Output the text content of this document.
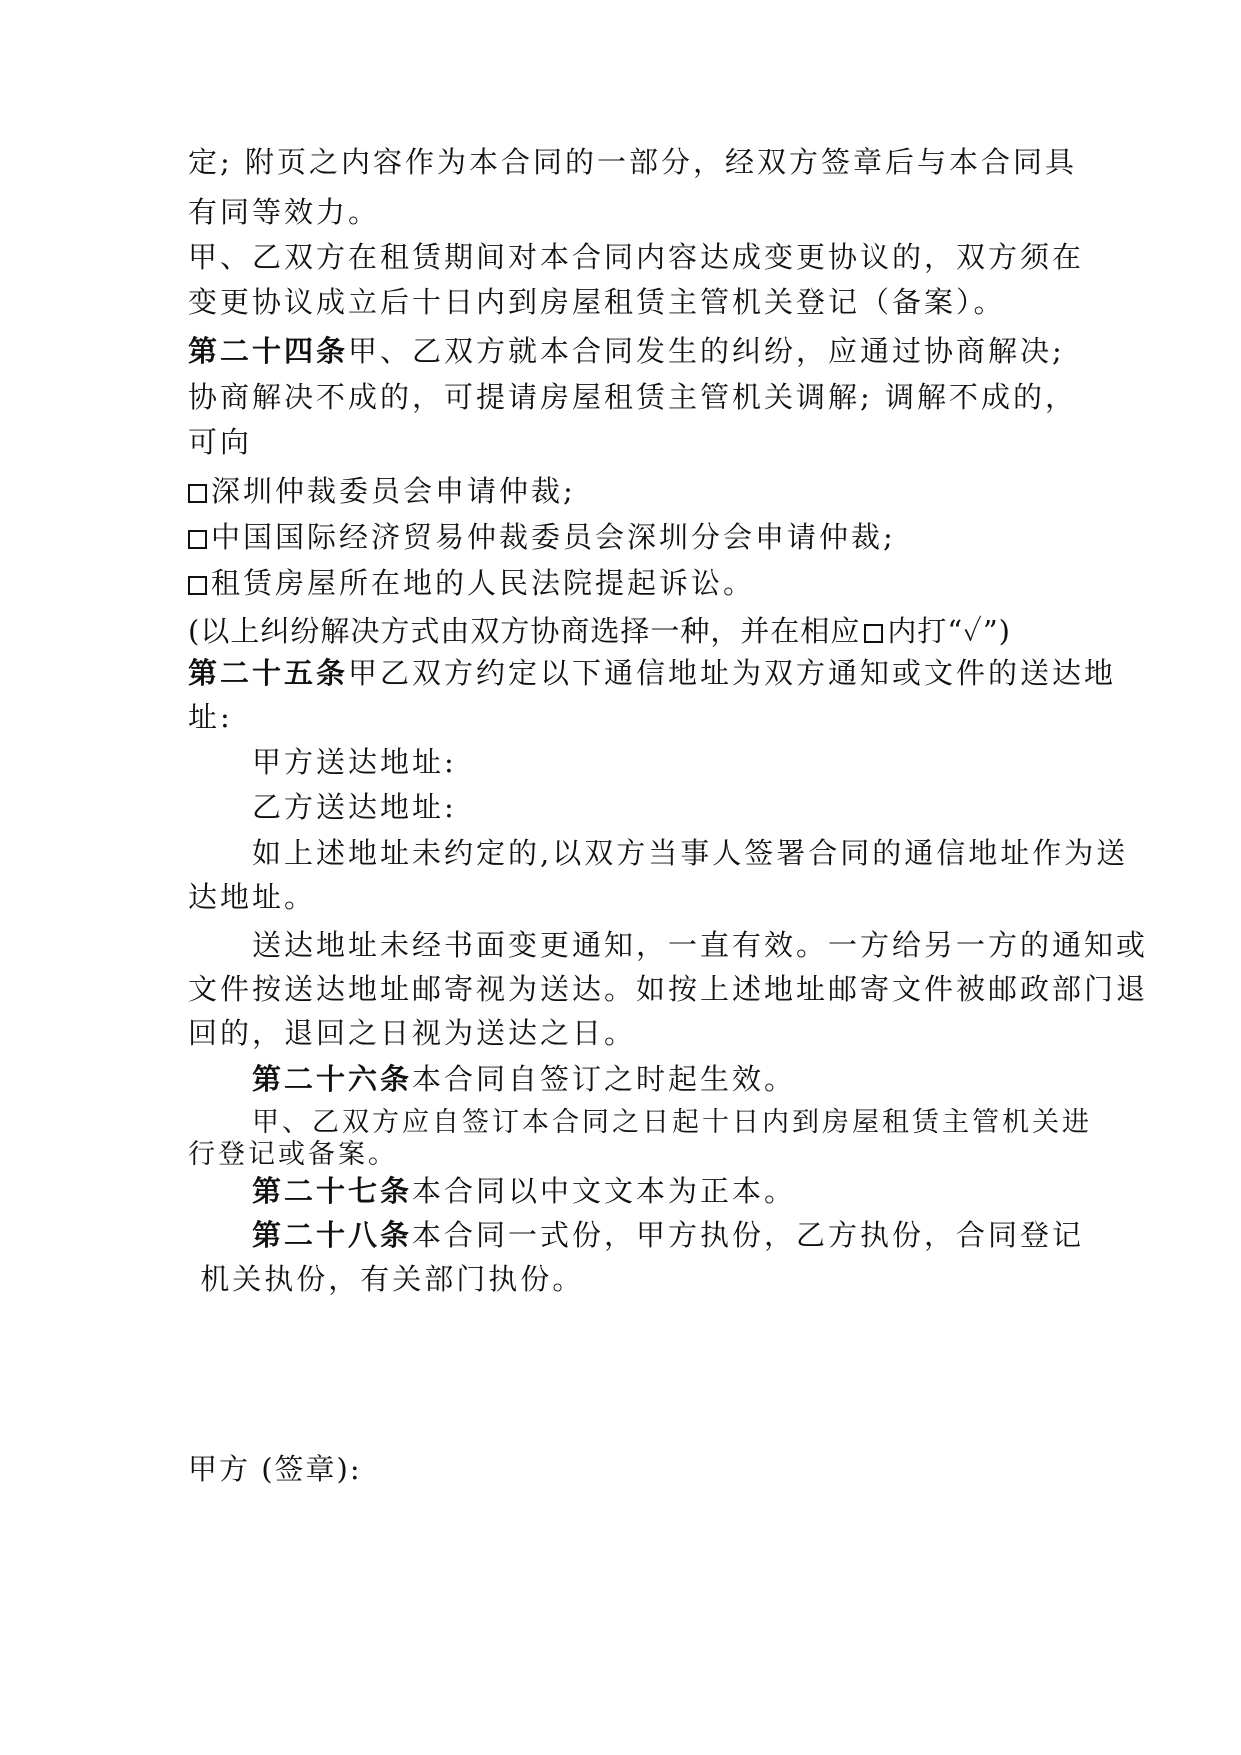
定; 附页之内容作为本合同的一部分，经双方签章后与本合同具
有同等效力。
甲、乙双方在租赁期间对本合同内容达成变更协议的，双方须在
变更协议成立后十日内到房屋租赁主管机关登记（备案）。
第二十四条甲、乙双方就本合同发生的纠纷，应通过协商解决;
协商解决不成的，可提请房屋租赁主管机关调解; 调解不成的，
可向
深圳仲裁委员会申请仲裁;
中国国际经济贸易仲裁委员会深圳分会申请仲裁;
租赁房屋所在地的人民法院提起诉讼。
(以上纠纷解决方式由双方协商选择一种，并在相应 内打“✓”)
第二十五条甲乙双方约定以下通信地址为双方通知或文件的送达地
址:
甲方送达地址:
乙方送达地址:
如上述地址未约定的,以双方当事人签署合同的通信地址作为送
达地址。
送达地址未经书面变更通知，一直有效。一方给另一方的通知或
文件按送达地址邮寄视为送达。如按上述地址邮寄文件被邮政部门退
回的，退回之日视为送达之日。
第二十六条本合同自签订之时起生效。
甲、乙双方应自签订本合同之日起十日内到房屋租赁主管机关进
行登记或备案。
第二十七条本合同以中文文本为正本。
第二十八条本合同一式份，甲方执份，乙方执份，合同登记
机关执份，有关部门执份。
甲方 (签章):
